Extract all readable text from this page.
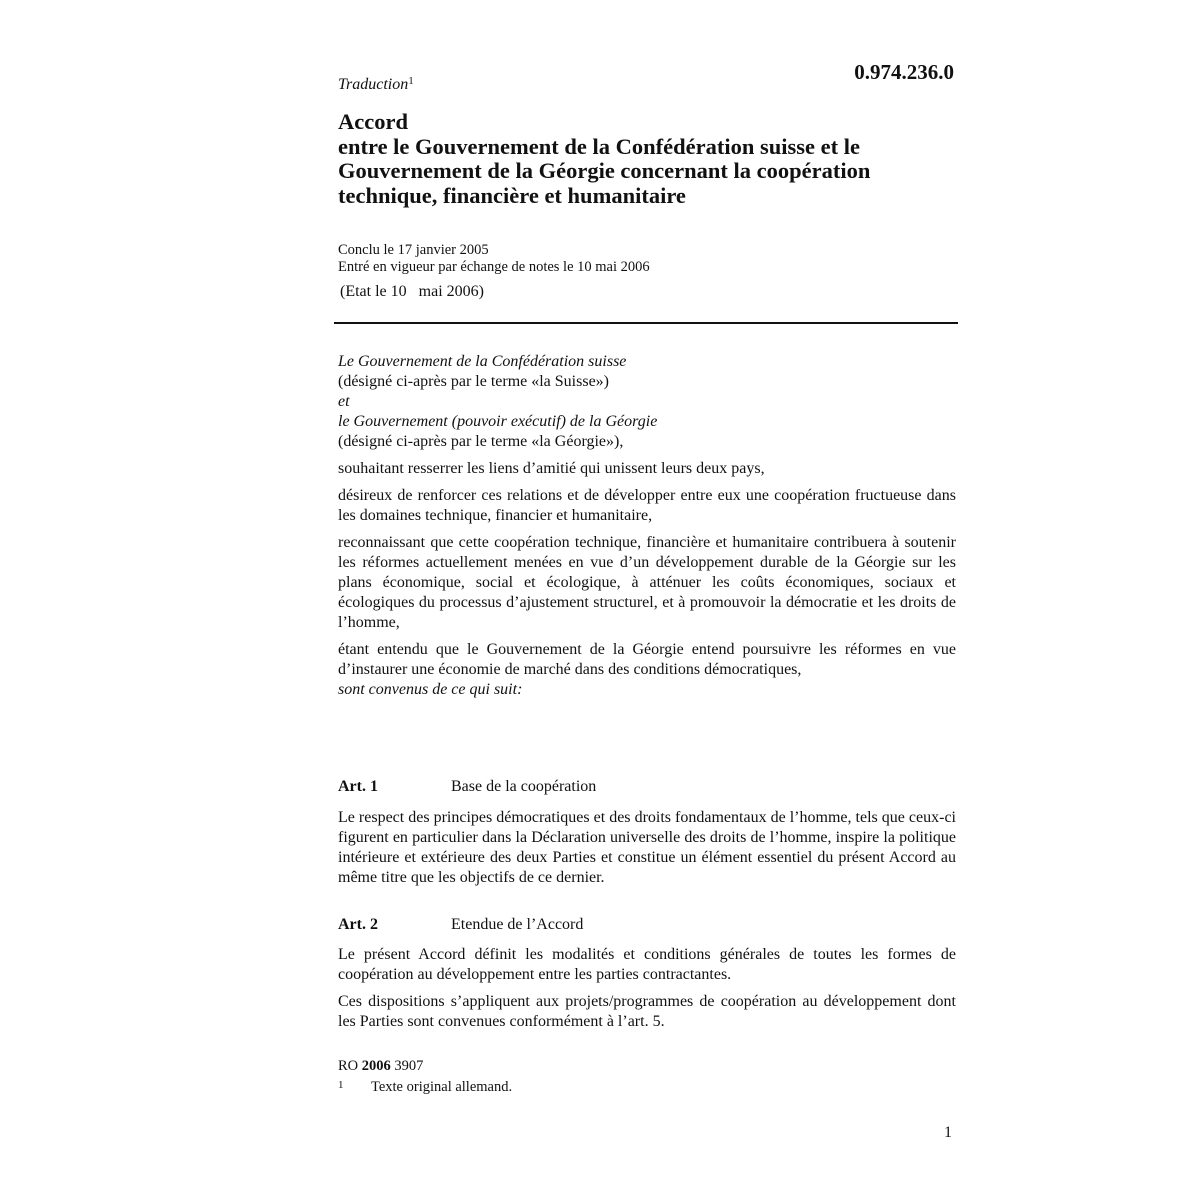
Traduction$^1$	0.974.236.0
Accord
entre le Gouvernement de la Confédération suisse et le
Gouvernement de la Géorgie concernant la coopération
technique, financière et humanitaire
Conclu le 17 janvier 2005
Entré en vigueur par échange de notes le 10 mai 2006
(Etat le 10   mai 2006)

Le Gouvernement de la Confédération suisse

(désigné ci-après par le terme «la Suisse»)

et

le Gouvernement (pouvoir exécutif) de la Géorgie

(désigné ci-après par le terme «la Géorgie»),

souhaitant resserrer les liens d’amitié qui unissent leurs deux pays,

désireux de renforcer ces relations et de développer entre eux une coopération fructueuse dans les domaines technique, financier et humanitaire,

reconnaissant que cette coopération technique, financière et humanitaire contribuera à soutenir les réformes actuellement menées en vue d’un développement durable de la Géorgie sur les plans économique, social et écologique, à atténuer les coûts économiques, sociaux et écologiques du processus d’ajustement structurel, et à promouvoir la démocratie et les droits de l’homme,

étant entendu que le Gouvernement de la Géorgie entend poursuivre les réformes en vue d’instaurer une économie de marché dans des conditions démocratiques,

sont convenus de ce qui suit:

Art. 1	Base de la coopération

Le respect des principes démocratiques et des droits fondamentaux de l’homme, tels que ceux-ci figurent en particulier dans la Déclaration universelle des droits de l’homme, inspire la politique intérieure et extérieure des deux Parties et constitue un élément essentiel du présent Accord au même titre que les objectifs de ce dernier.

Art. 2	Etendue de l’Accord

Le présent Accord définit les modalités et conditions générales de toutes les formes de coopération au développement entre les parties contractantes.

Ces dispositions s’appliquent aux projets/programmes de coopération au développement dont les Parties sont convenues conformément à l’art. 5.

RO 2006 3907
1 Texte original allemand.
1
